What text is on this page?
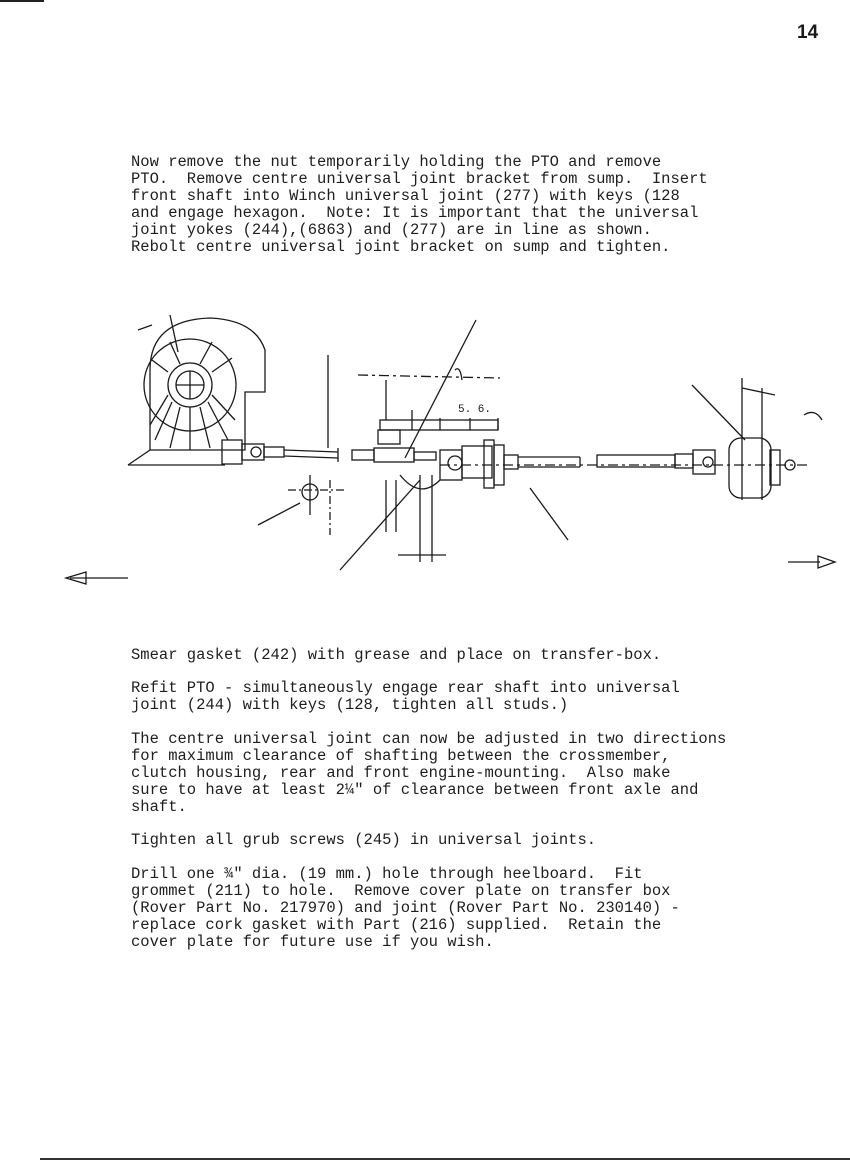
14

Now remove the nut temporarily holding the PTO and remove
PTO.  Remove centre universal joint bracket from sump.  Insert
front shaft into Winch universal joint (277) with keys (128
and engage hexagon.  Note: It is important that the universal
joint yokes (244),(6863) and (277) are in line as shown.
Rebolt centre universal joint bracket on sump and tighten.

5. 6.

Smear gasket (242) with grease and place on transfer-box.

Refit PTO - simultaneously engage rear shaft into universal
joint (244) with keys (128, tighten all studs.)

The centre universal joint can now be adjusted in two directions
for maximum clearance of shafting between the crossmember,
clutch housing, rear and front engine-mounting.  Also make
sure to have at least 2¼" of clearance between front axle and
shaft.

Tighten all grub screws (245) in universal joints.

Drill one ¾" dia. (19 mm.) hole through heelboard.  Fit
grommet (211) to hole.  Remove cover plate on transfer box
(Rover Part No. 217970) and joint (Rover Part No. 230140) -
replace cork gasket with Part (216) supplied.  Retain the
cover plate for future use if you wish.
